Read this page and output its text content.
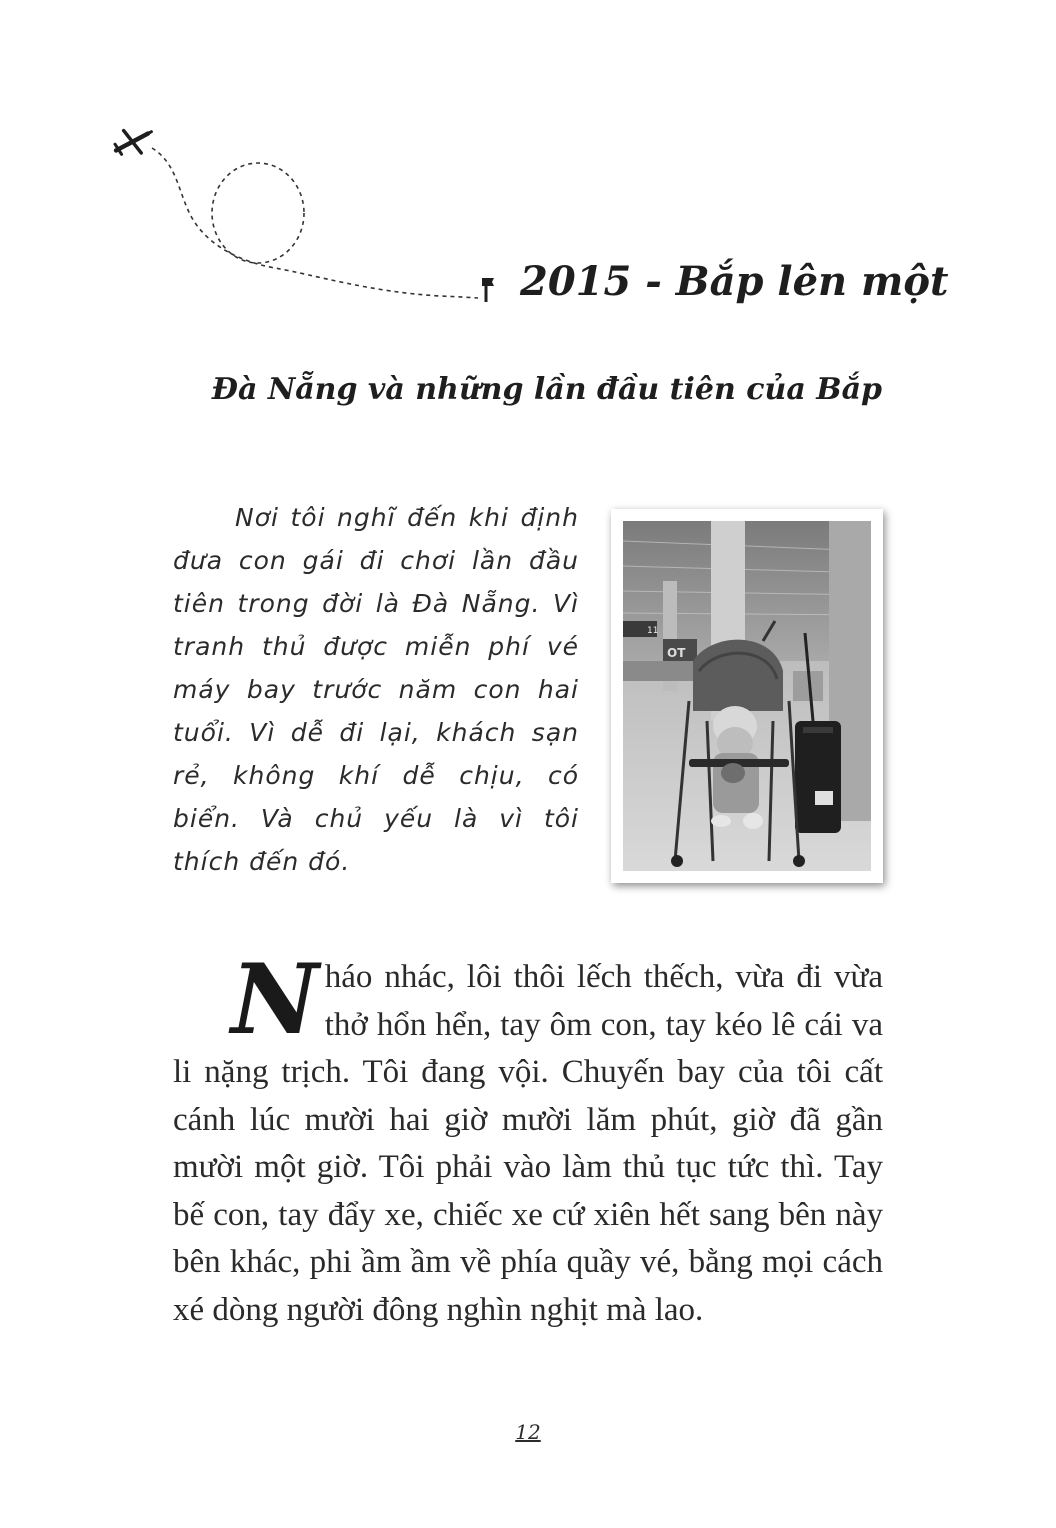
2015 - Bắp lên một
Đà Nẵng và những lần đầu tiên của Bắp
Nơi tôi nghĩ đến khi định đưa con gái đi chơi lần đầu tiên trong đời là Đà Nẵng. Vì tranh thủ được miễn phí vé máy bay trước năm con hai tuổi. Vì dễ đi lại, khách sạn rẻ, không khí dễ chịu, có biển. Và chủ yếu là vì tôi thích đến đó.
11
OT
Nháo nhác, lôi thôi lếch thếch, vừa đi vừa thở hổn hển, tay ôm con, tay kéo lê cái va li nặng trịch. Tôi đang vội. Chuyến bay của tôi cất cánh lúc mười hai giờ mười lăm phút, giờ đã gần mười một giờ. Tôi phải vào làm thủ tục tức thì. Tay bế con, tay đẩy xe, chiếc xe cứ xiên hết sang bên này bên khác, phi ầm ầm về phía quầy vé, bằng mọi cách xé dòng người đông nghìn nghịt mà lao.
12
